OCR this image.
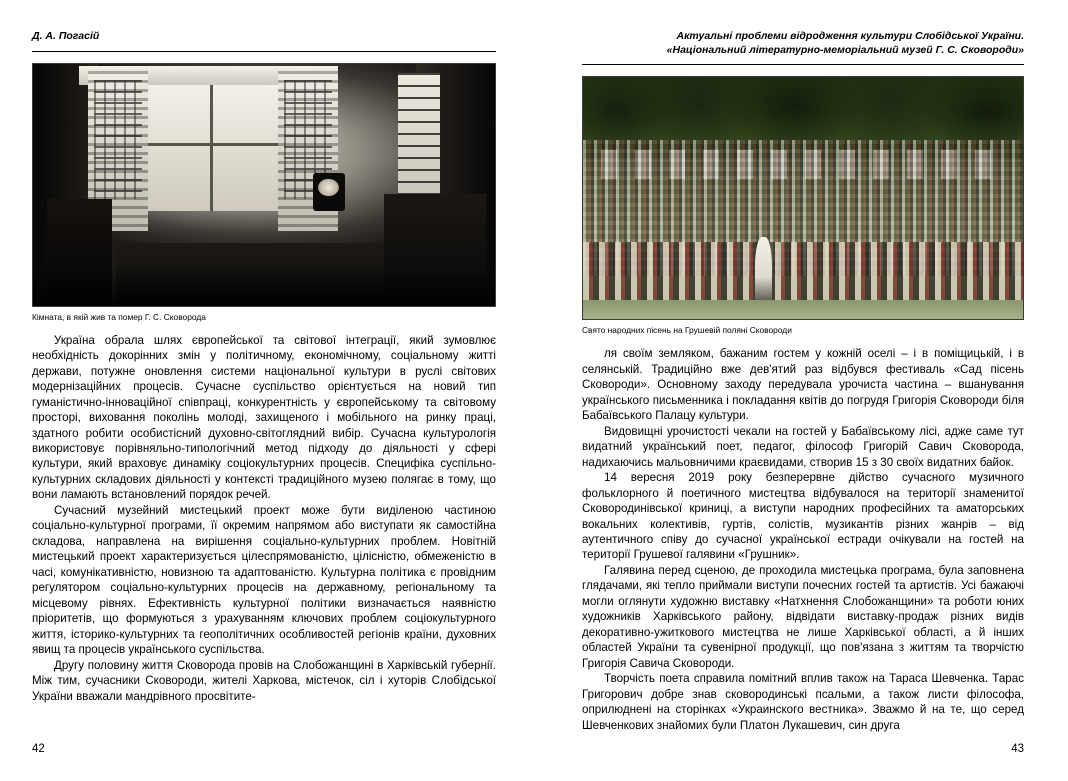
Д. А. Погасій
Кімната, в якій жив та помер Г. С. Сковорода

Україна обрала шлях європейської та світової інтеграції, який зумовлює необхідність докорінних змін у політичному, економічному, соціальному житті держави, потужне оновлення системи національної культури в руслі світових модернізаційних процесів. Сучасне суспільство орієнтується на новий тип гуманістично-інноваційної співпраці, конкурентність у європейському та світовому просторі, виховання поколінь молоді, захищеного і мобільного на ринку праці, здатного робити особистісний духовно-світоглядний вибір. Сучасна культурологія використовує порівняльно-типологічний метод підходу до діяльності у сфері культури, який враховує динаміку соціокультурних процесів. Специфіка суспільно-культурних складових діяльності у контексті традиційного музею полягає в тому, що вони ламають встановлений порядок речей.

Сучасний музейний мистецький проект може бути виділеною частиною соціально-культурної програми, її окремим напрямом або виступати як самостійна складова, направлена на вирішення соціально-культурних проблем. Новітній мистецький проект характеризується цілеспрямованістю, цілісністю, обмеженістю в часі, комунікативністю, новизною та адаптованістю. Культурна політика є провідним регулятором соціально-культурних процесів на державному, регіональному та місцевому рівнях. Ефективність культурної політики визначається наявністю пріоритетів, що формуються з урахуванням ключових проблем соціокультурного життя, історико-культурних та геополітичних особливостей регіонів країни, духовних явищ та процесів українського суспільства.

Другу половину життя Сковорода провів на Слобожанщині в Харківській губернії. Між тим, сучасники Сковороди, жителі Харкова, містечок, сіл і хуторів Слобідської України вважали мандрівного просвітите-

42
Актуальні проблеми відродження культури Слобідської України.
«Національний літературно-меморіальний музей Г. С. Сковороди»
Свято народних пісень на Грушевій поляні Сковороди

ля своїм земляком, бажаним гостем у кожній оселі – і в поміщицькій, і в селянській. Традиційно вже дев'ятий раз відбувся фестиваль «Сад пісень Сковороди». Основному заходу передувала урочиста частина – вшанування українського письменника і покладання квітів до погрудя Григорія Сковороди біля Бабаївського Палацу культури.

Видовищні урочистості чекали на гостей у Бабаївському лісі, адже саме тут видатний український поет, педагог, філософ Григорій Савич Сковорода, надихаючись мальовничими краєвидами, створив 15 з 30 своїх видатних байок.

14 вересня 2019 року безперервне дійство сучасного музичного фольклорного й поетичного мистецтва відбувалося на території знаменитої Сковородинівської криниці, а виступи народних професійних та аматорських вокальних колективів, гуртів, солістів, музикантів різних жанрів – від аутентичного співу до сучасної української естради очікували на гостей на території Грушевої галявини «Грушник».

Галявина перед сценою, де проходила мистецька програма, була заповнена глядачами, які тепло приймали виступи почесних гостей та артистів. Усі бажаючі могли оглянути художню виставку «Натхнення Слобожанщини» та роботи юних художників Харківського району, відвідати виставку-продаж різних видів декоративно-ужиткового мистецтва не лише Харківської області, а й інших областей України та сувенірної продукції, що пов'язана з життям та творчістю Григорія Савича Сковороди.

Творчість поета справила помітний вплив також на Тараса Шевченка. Тарас Григорович добре знав сковородинські псальми, а також листи філософа, оприлюднені на сторінках «Украинского вестника». Зважмо й на те, що серед Шевченкових знайомих були Платон Лукашевич, син друга

43
